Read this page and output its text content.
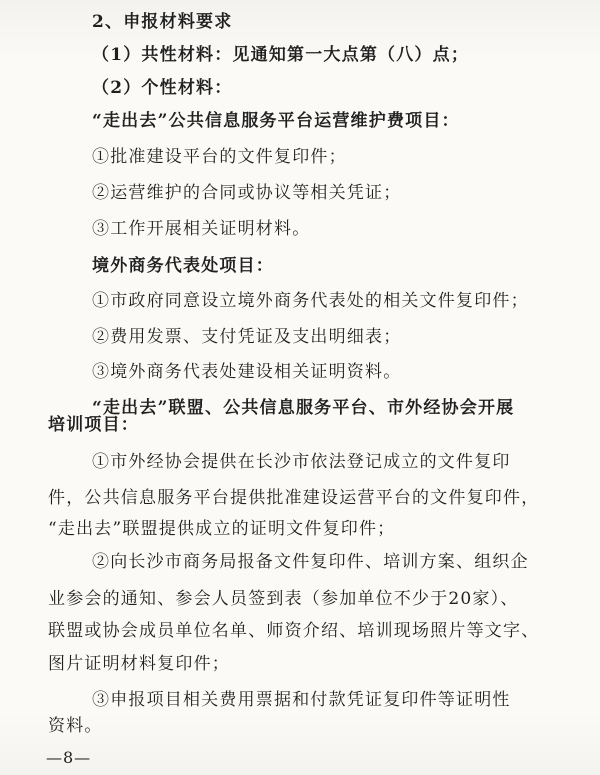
2、申报材料要求
（1）共性材料：见通知第一大点第（八）点；
（2）个性材料：
“走出去”公共信息服务平台运营维护费项目：
①批准建设平台的文件复印件；
②运营维护的合同或协议等相关凭证；
③工作开展相关证明材料。
境外商务代表处项目：
①市政府同意设立境外商务代表处的相关文件复印件；
②费用发票、支付凭证及支出明细表；
③境外商务代表处建设相关证明资料。
“走出去”联盟、公共信息服务平台、市外经协会开展
培训项目：
①市外经协会提供在长沙市依法登记成立的文件复印
件，公共信息服务平台提供批准建设运营平台的文件复印件，
“走出去”联盟提供成立的证明文件复印件；
②向长沙市商务局报备文件复印件、培训方案、组织企
业参会的通知、参会人员签到表（参加单位不少于20家）、
联盟或协会成员单位名单、师资介绍、培训现场照片等文字、
图片证明材料复印件；
③申报项目相关费用票据和付款凭证复印件等证明性
资料。
—8—
